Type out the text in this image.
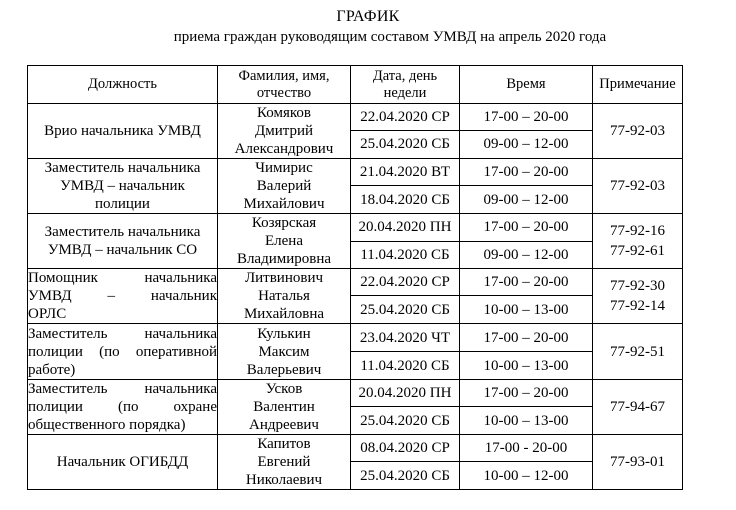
ГРАФИК
приема граждан руководящим составом УМВД на апрель 2020 года
Должность	Фамилия, имя,
отчество	Дата, день
недели	Время	Примечание

Врио начальника УМВД	Комяков
Дмитрий
Александрович	22.04.2020 СР	17-00 – 20-00	77-92-03

		25.04.2020 СБ	09-00 – 12-00	

Заместитель начальника
УМВД – начальник
полиции	Чимирис
Валерий
Михайлович	21.04.2020 ВТ	17-00 – 20-00	77-92-03

		18.04.2020 СБ	09-00 – 12-00	

Заместитель начальника
УМВД – начальник СО	Козярская
Елена
Владимировна	20.04.2020 ПН	17-00 – 20-00	77-92-16
77-92-61

		11.04.2020 СБ	09-00 – 12-00	

Помощник начальника
УМВД – начальник
ОРЛС	Литвинович
Наталья
Михайловна	22.04.2020 СР	17-00 – 20-00	77-92-30
77-92-14

		25.04.2020 СБ	10-00 – 13-00	

Заместитель начальника
полиции (по оперативной
работе)	Кулькин
Максим
Валерьевич	23.04.2020 ЧТ	17-00 – 20-00	77-92-51

		11.04.2020 СБ	10-00 – 13-00	

Заместитель начальника
полиции (по охране
общественного порядка)	Усков
Валентин
Андреевич	20.04.2020 ПН	17-00 – 20-00	77-94-67

		25.04.2020 СБ	10-00 – 13-00	

Начальник ОГИБДД	Капитов
Евгений
Николаевич	08.04.2020 СР	17-00 - 20-00	77-93-01

		25.04.2020 СБ	10-00 – 12-00	
